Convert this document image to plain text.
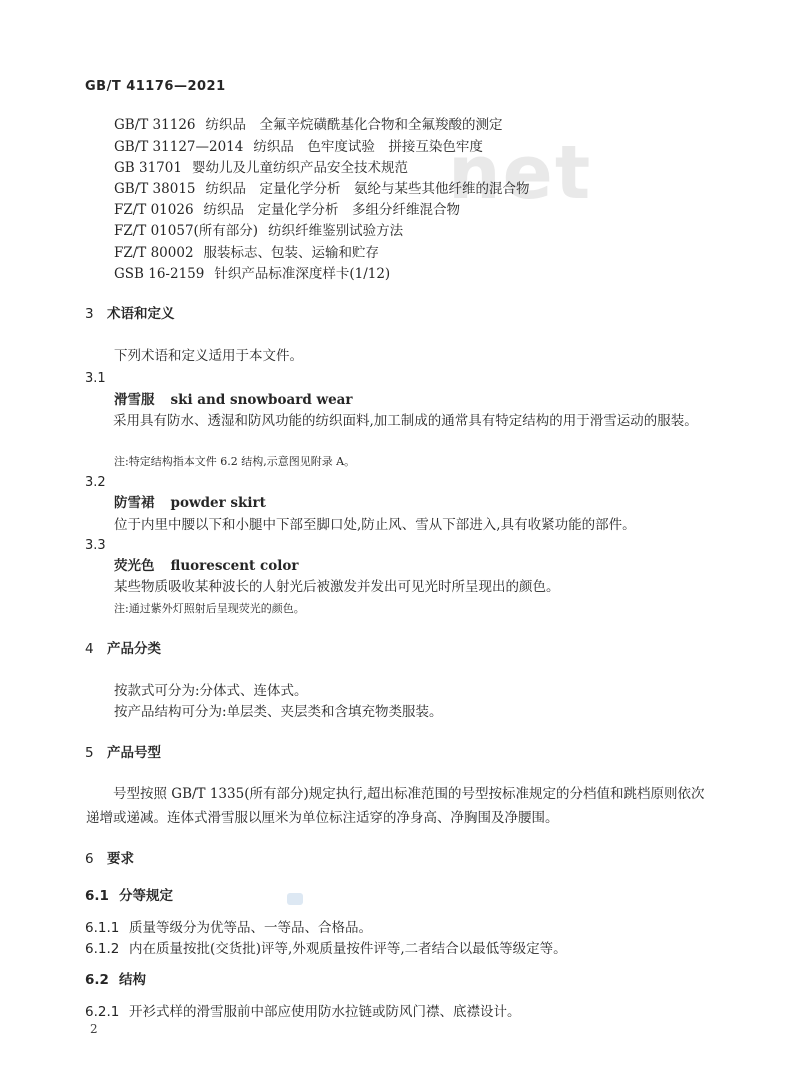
net
GB/T 41176—2021
GB/T 31126 纺织品　全氟辛烷磺酰基化合物和全氟羧酸的测定
GB/T 31127—2014 纺织品　色牢度试验　拼接互染色牢度
GB 31701 婴幼儿及儿童纺织产品安全技术规范
GB/T 38015 纺织品　定量化学分析　氨纶与某些其他纤维的混合物
FZ/T 01026 纺织品　定量化学分析　多组分纤维混合物
FZ/T 01057(所有部分) 纺织纤维鉴别试验方法
FZ/T 80002 服装标志、包装、运输和贮存
GSB 16-2159 针织产品标准深度样卡(1/12)
3 术语和定义
下列术语和定义适用于本文件。
3.1
滑雪服 ski and snowboard wear
采用具有防水、透湿和防风功能的纺织面料,加工制成的通常具有特定结构的用于滑雪运动的服装。
注:特定结构指本文件 6.2 结构,示意图见附录 A。
3.2
防雪裙 powder skirt
位于内里中腰以下和小腿中下部至脚口处,防止风、雪从下部进入,具有收紧功能的部件。
3.3
荧光色 fluorescent color
某些物质吸收某种波长的人射光后被激发并发出可见光时所呈现出的颜色。
注:通过紫外灯照射后呈现荧光的颜色。
4 产品分类
按款式可分为:分体式、连体式。
按产品结构可分为:单层类、夹层类和含填充物类服装。
5 产品号型
号型按照 GB/T 1335(所有部分)规定执行,超出标准范围的号型按标准规定的分档值和跳档原则依次递增或递减。连体式滑雪服以厘米为单位标注适穿的净身高、净胸围及净腰围。
6 要求
6.1 分等规定
6.1.1 质量等级分为优等品、一等品、合格品。
6.1.2 内在质量按批(交货批)评等,外观质量按件评等,二者结合以最低等级定等。
6.2 结构
6.2.1 开衫式样的滑雪服前中部应使用防水拉链或防风门襟、底襟设计。
2
